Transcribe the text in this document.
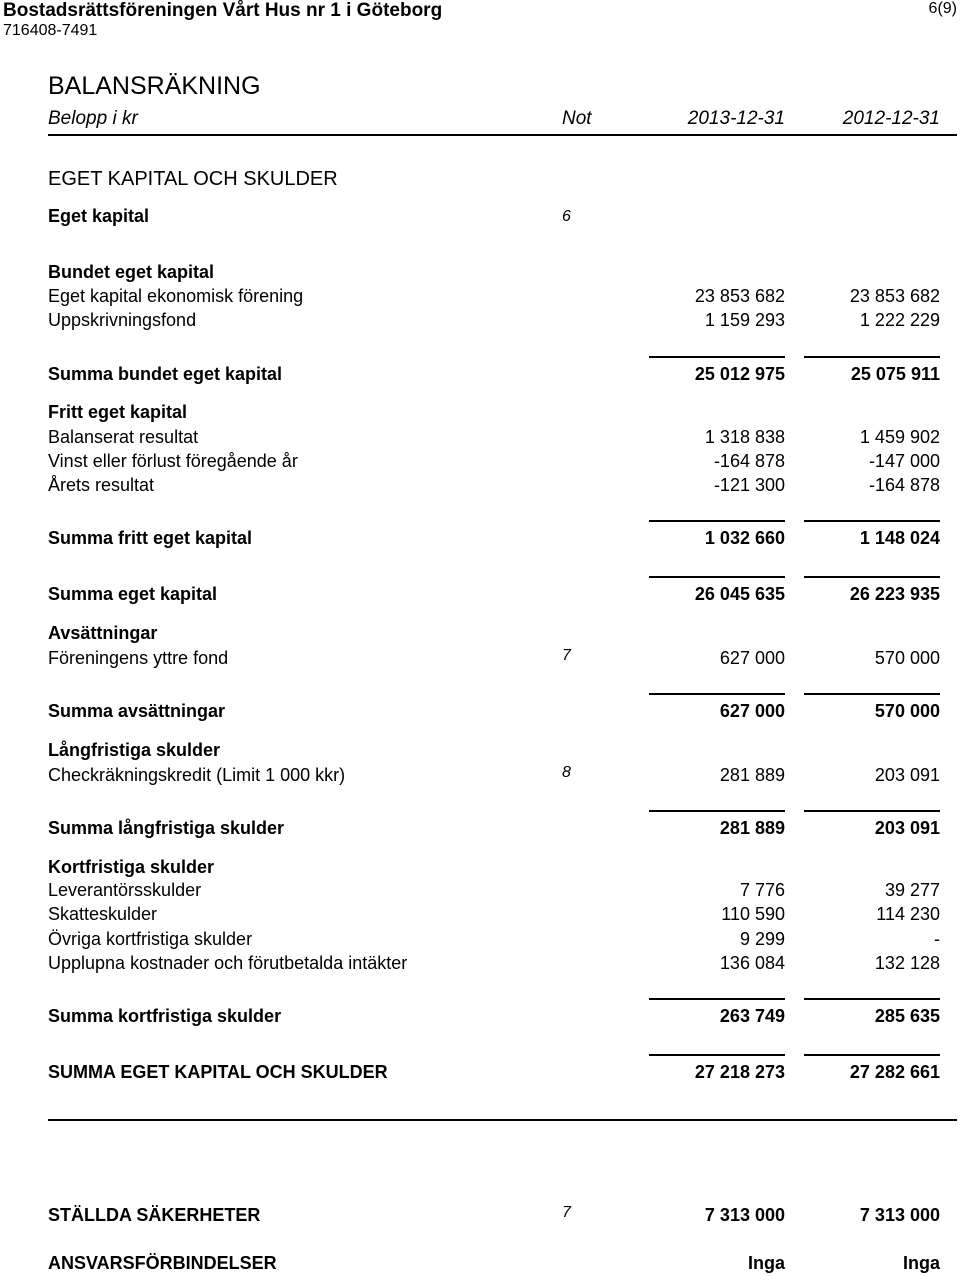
Bostadsrättsföreningen Vårt Hus nr 1 i Göteborg
716408-7491
6(9)
BALANSRÄKNING
Belopp i kr	Not	2013-12-31	2012-12-31
EGET KAPITAL OCH SKULDER
Eget kapital	6
Bundet eget kapital
Eget kapital ekonomisk förening	23 853 682	23 853 682
Uppskrivningsfond	1 159 293	1 222 229
Summa bundet eget kapital	25 012 975	25 075 911
Fritt eget kapital
Balanserat resultat	1 318 838	1 459 902
Vinst eller förlust föregående år	-164 878	-147 000
Årets resultat	-121 300	-164 878
Summa fritt eget kapital	1 032 660	1 148 024
Summa eget kapital	26 045 635	26 223 935
Avsättningar
Föreningens yttre fond	7	627 000	570 000
Summa avsättningar	627 000	570 000
Långfristiga skulder
Checkräkningskredit (Limit 1 000 kkr)	8	281 889	203 091
Summa långfristiga skulder	281 889	203 091
Kortfristiga skulder
Leverantörsskulder	7 776	39 277
Skatteskulder	110 590	114 230
Övriga kortfristiga skulder	9 299	-
Upplupna kostnader och förutbetalda intäkter	136 084	132 128
Summa kortfristiga skulder	263 749	285 635
SUMMA EGET KAPITAL OCH SKULDER	27 218 273	27 282 661
STÄLLDA SÄKERHETER	7	7 313 000	7 313 000
ANSVARSFÖRBINDELSER	Inga	Inga
